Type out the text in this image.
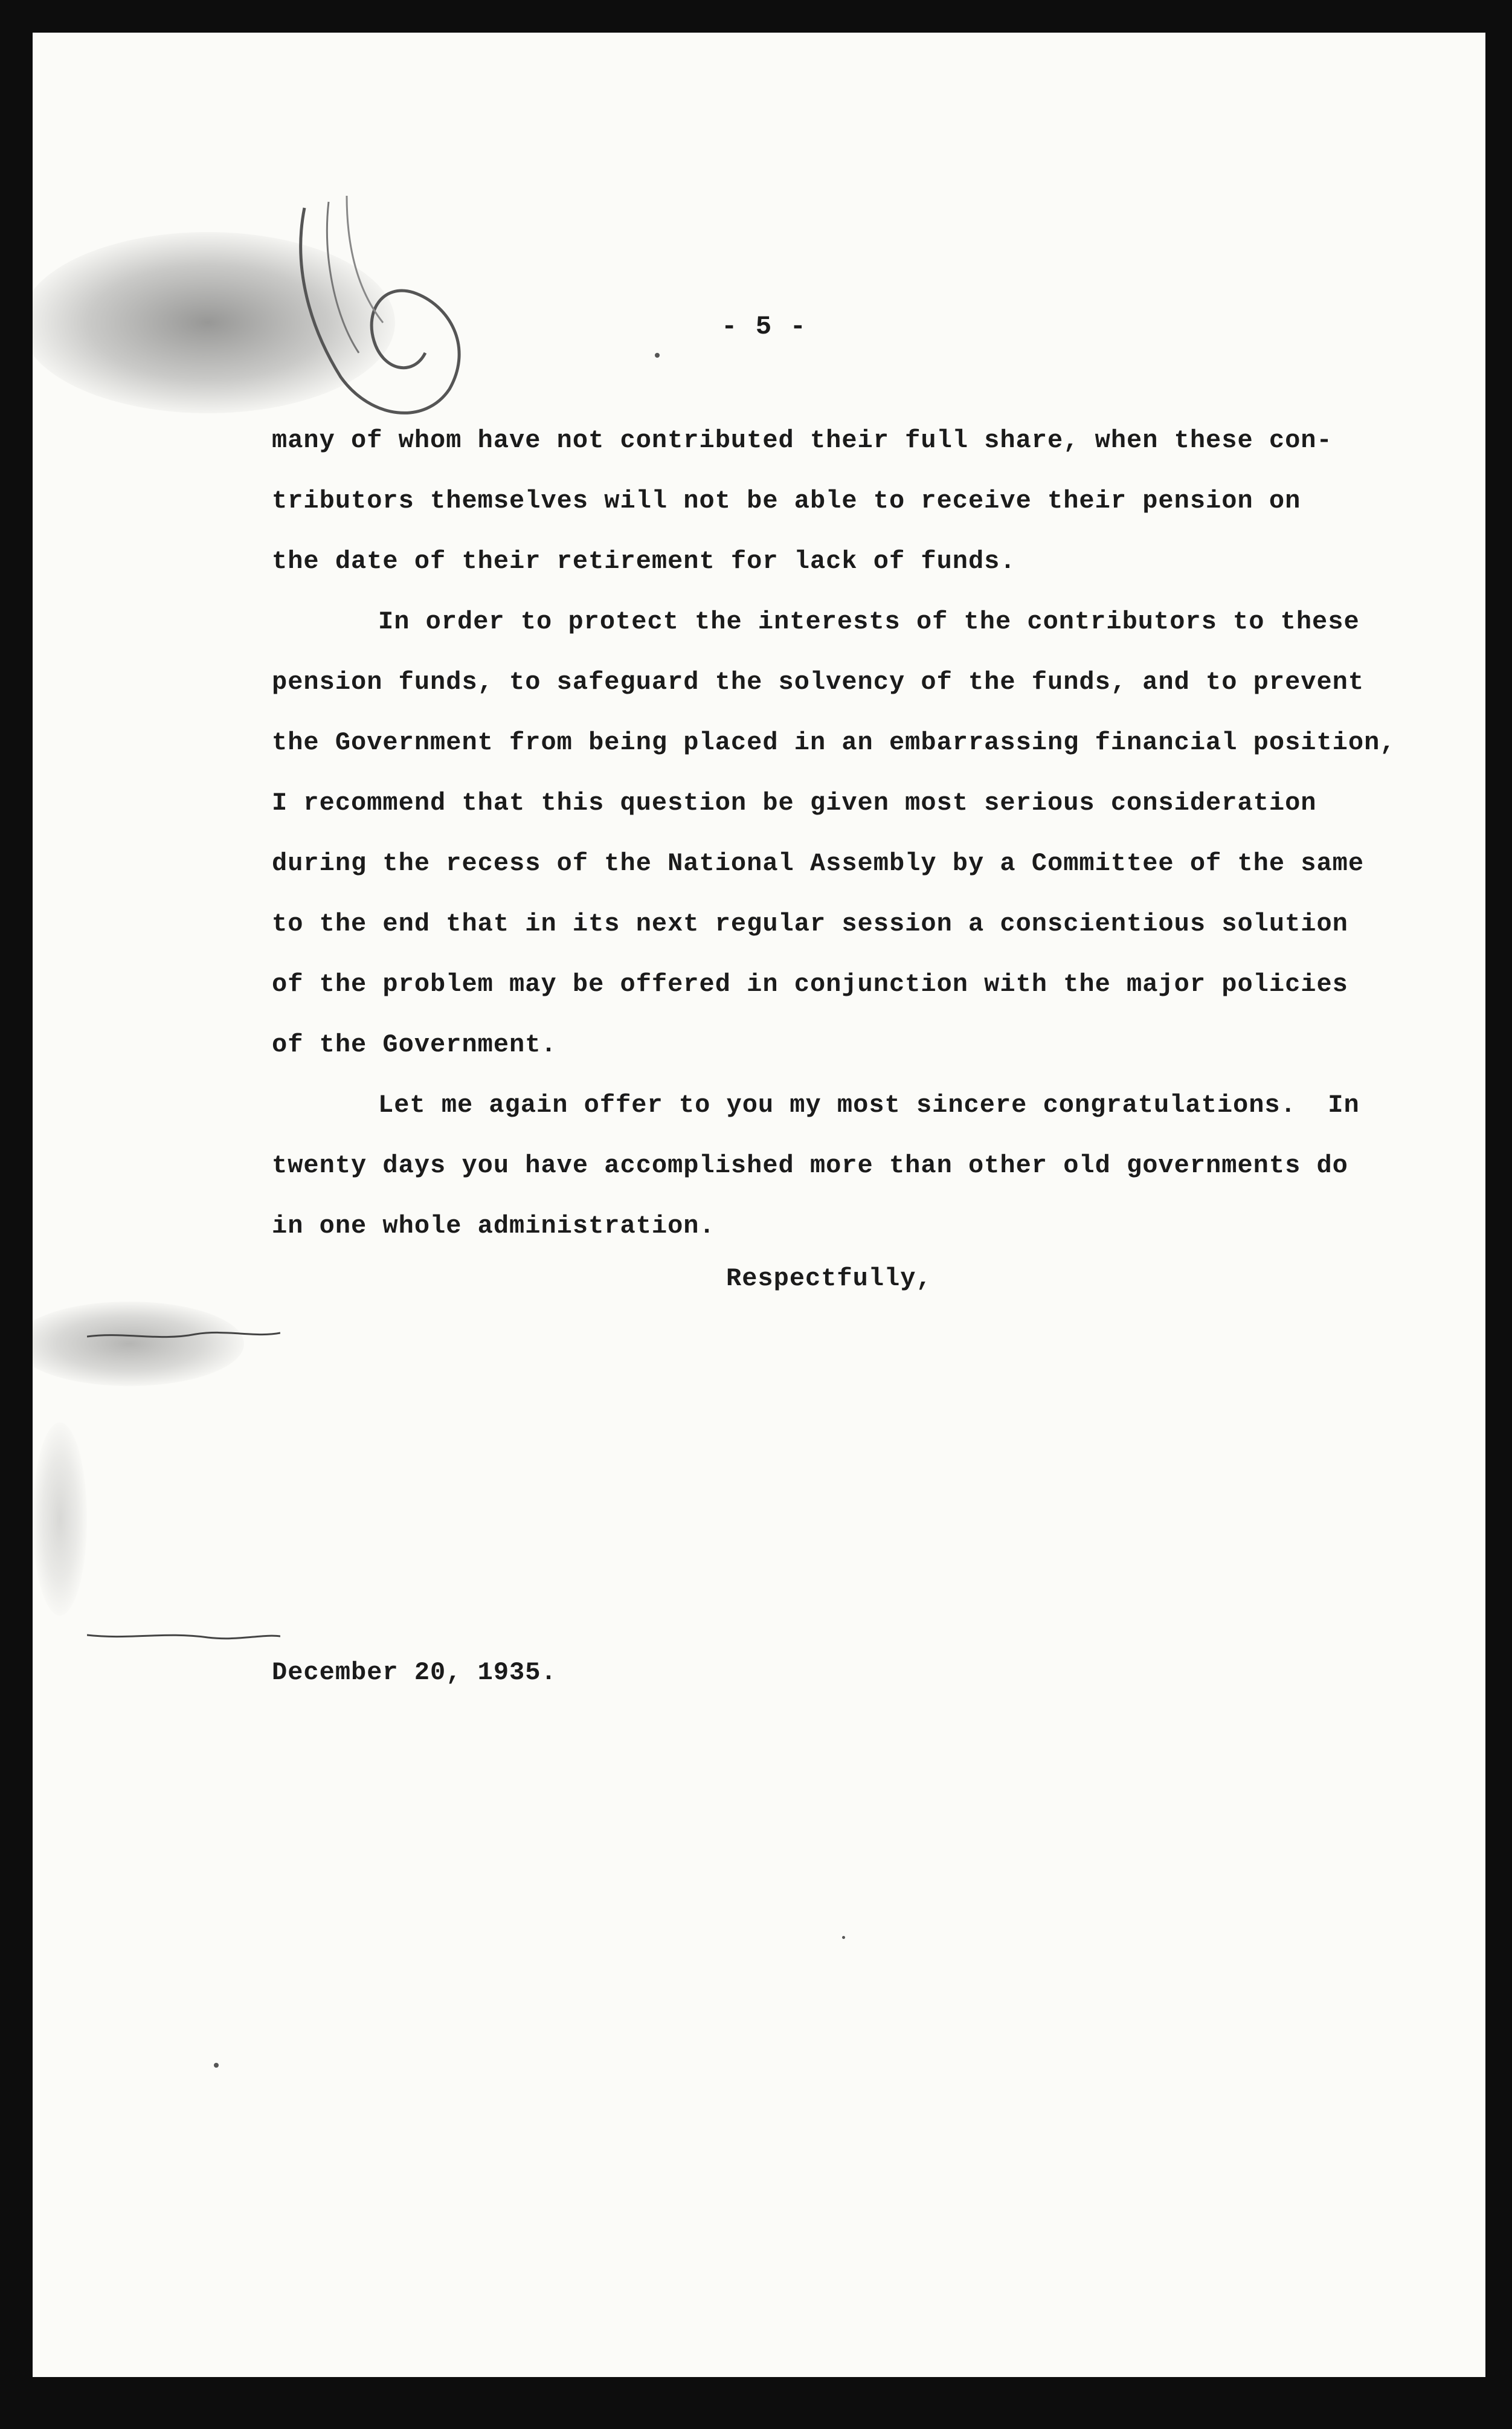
- 5 -
many of whom have not contributed their full share, when these con-
tributors themselves will not be able to receive their pension on
the date of their retirement for lack of funds.
In order to protect the interests of the contributors to these
pension funds, to safeguard the solvency of the funds, and to prevent
the Government from being placed in an embarrassing financial position,
I recommend that this question be given most serious consideration
during the recess of the National Assembly by a Committee of the same
to the end that in its next regular session a conscientious solution
of the problem may be offered in conjunction with the major policies
of the Government.
Let me again offer to you my most sincere congratulations.  In
twenty days you have accomplished more than other old governments do
in one whole administration.
Respectfully,
December 20, 1935.
